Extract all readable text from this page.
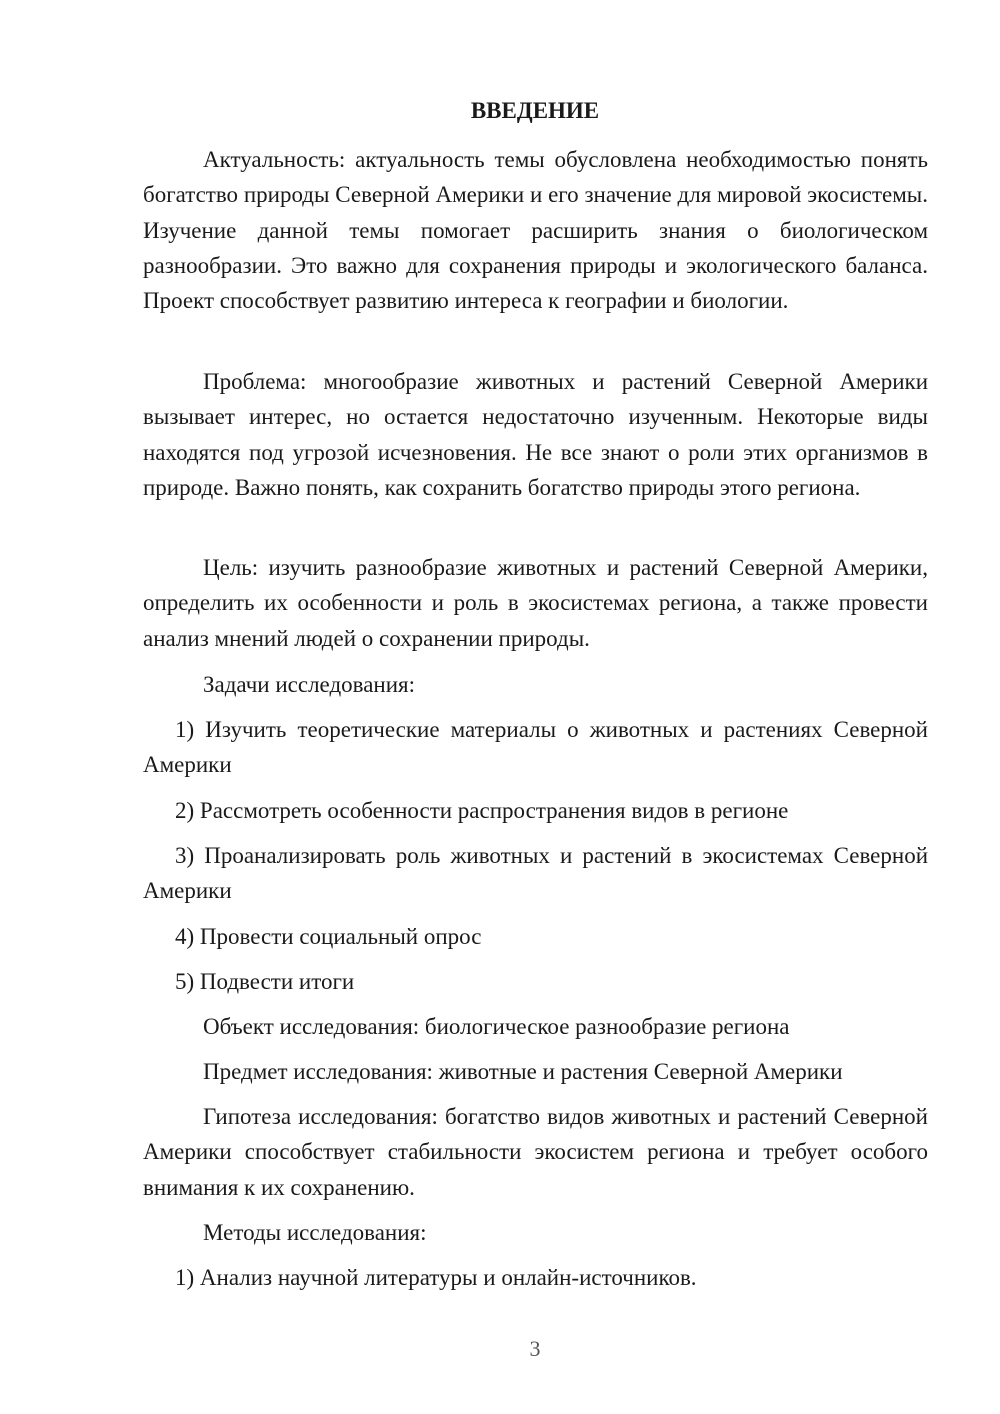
ВВЕДЕНИЕ

Актуальность: актуальность темы обусловлена необходимостью понять богатство природы Северной Америки и его значение для мировой экосистемы. Изучение данной темы помогает расширить знания о биологическом разнообразии. Это важно для сохранения природы и экологического баланса. Проект способствует развитию интереса к географии и биологии.

Проблема: многообразие животных и растений Северной Америки вызывает интерес, но остается недостаточно изученным. Некоторые виды находятся под угрозой исчезновения. Не все знают о роли этих организмов в природе. Важно понять, как сохранить богатство природы этого региона.

Цель: изучить разнообразие животных и растений Северной Америки, определить их особенности и роль в экосистемах региона, а также провести анализ мнений людей о сохранении природы.

Задачи исследования:

1) Изучить теоретические материалы о животных и растениях Северной Америки

2) Рассмотреть особенности распространения видов в регионе

3) Проанализировать роль животных и растений в экосистемах Северной Америки

4) Провести социальный опрос

5) Подвести итоги

Объект исследования: биологическое разнообразие региона

Предмет исследования: животные и растения Северной Америки

Гипотеза исследования: богатство видов животных и растений Северной Америки способствует стабильности экосистем региона и требует особого внимания к их сохранению.

Методы исследования:

1) Анализ научной литературы и онлайн-источников.

3
